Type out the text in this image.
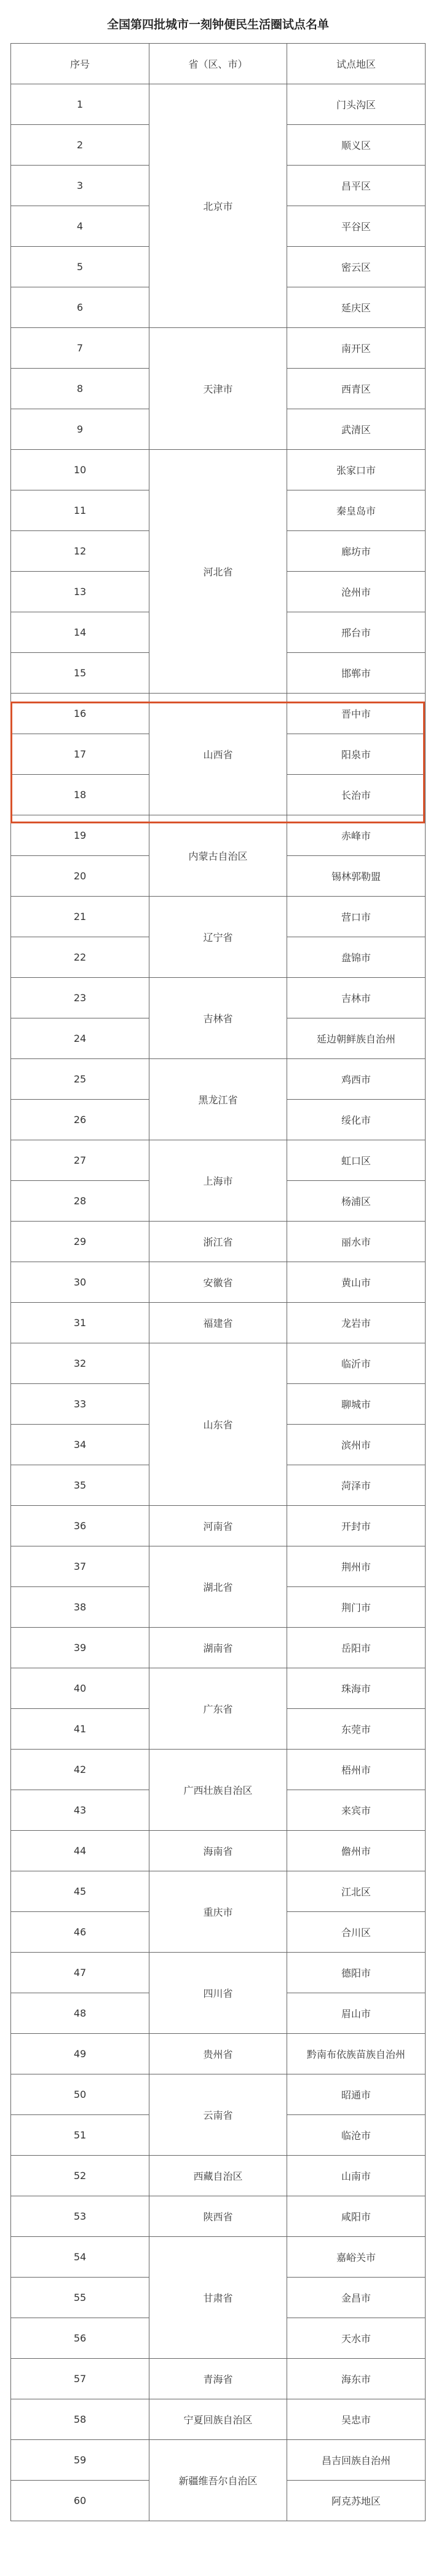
全国第四批城市一刻钟便民生活圈试点名单
序号	省（区、市）	试点地区
1	北京市	门头沟区
2		顺义区
3		昌平区
4		平谷区
5		密云区
6		延庆区
7	天津市	南开区
8		西青区
9		武清区
10	河北省	张家口市
11		秦皇岛市
12		廊坊市
13		沧州市
14		邢台市
15		邯郸市
16	山西省	晋中市
17		阳泉市
18		长治市
19	内蒙古自治区	赤峰市
20		锡林郭勒盟
21	辽宁省	营口市
22		盘锦市
23	吉林省	吉林市
24		延边朝鲜族自治州
25	黑龙江省	鸡西市
26		绥化市
27	上海市	虹口区
28		杨浦区
29	浙江省	丽水市
30	安徽省	黄山市
31	福建省	龙岩市
32	山东省	临沂市
33		聊城市
34		滨州市
35		菏泽市
36	河南省	开封市
37	湖北省	荆州市
38		荆门市
39	湖南省	岳阳市
40	广东省	珠海市
41		东莞市
42	广西壮族自治区	梧州市
43		来宾市
44	海南省	儋州市
45	重庆市	江北区
46		合川区
47	四川省	德阳市
48		眉山市
49	贵州省	黔南布依族苗族自治州
50	云南省	昭通市
51		临沧市
52	西藏自治区	山南市
53	陕西省	咸阳市
54	甘肃省	嘉峪关市
55		金昌市
56		天水市
57	青海省	海东市
58	宁夏回族自治区	吴忠市
59	新疆维吾尔自治区	昌吉回族自治州
60		阿克苏地区
